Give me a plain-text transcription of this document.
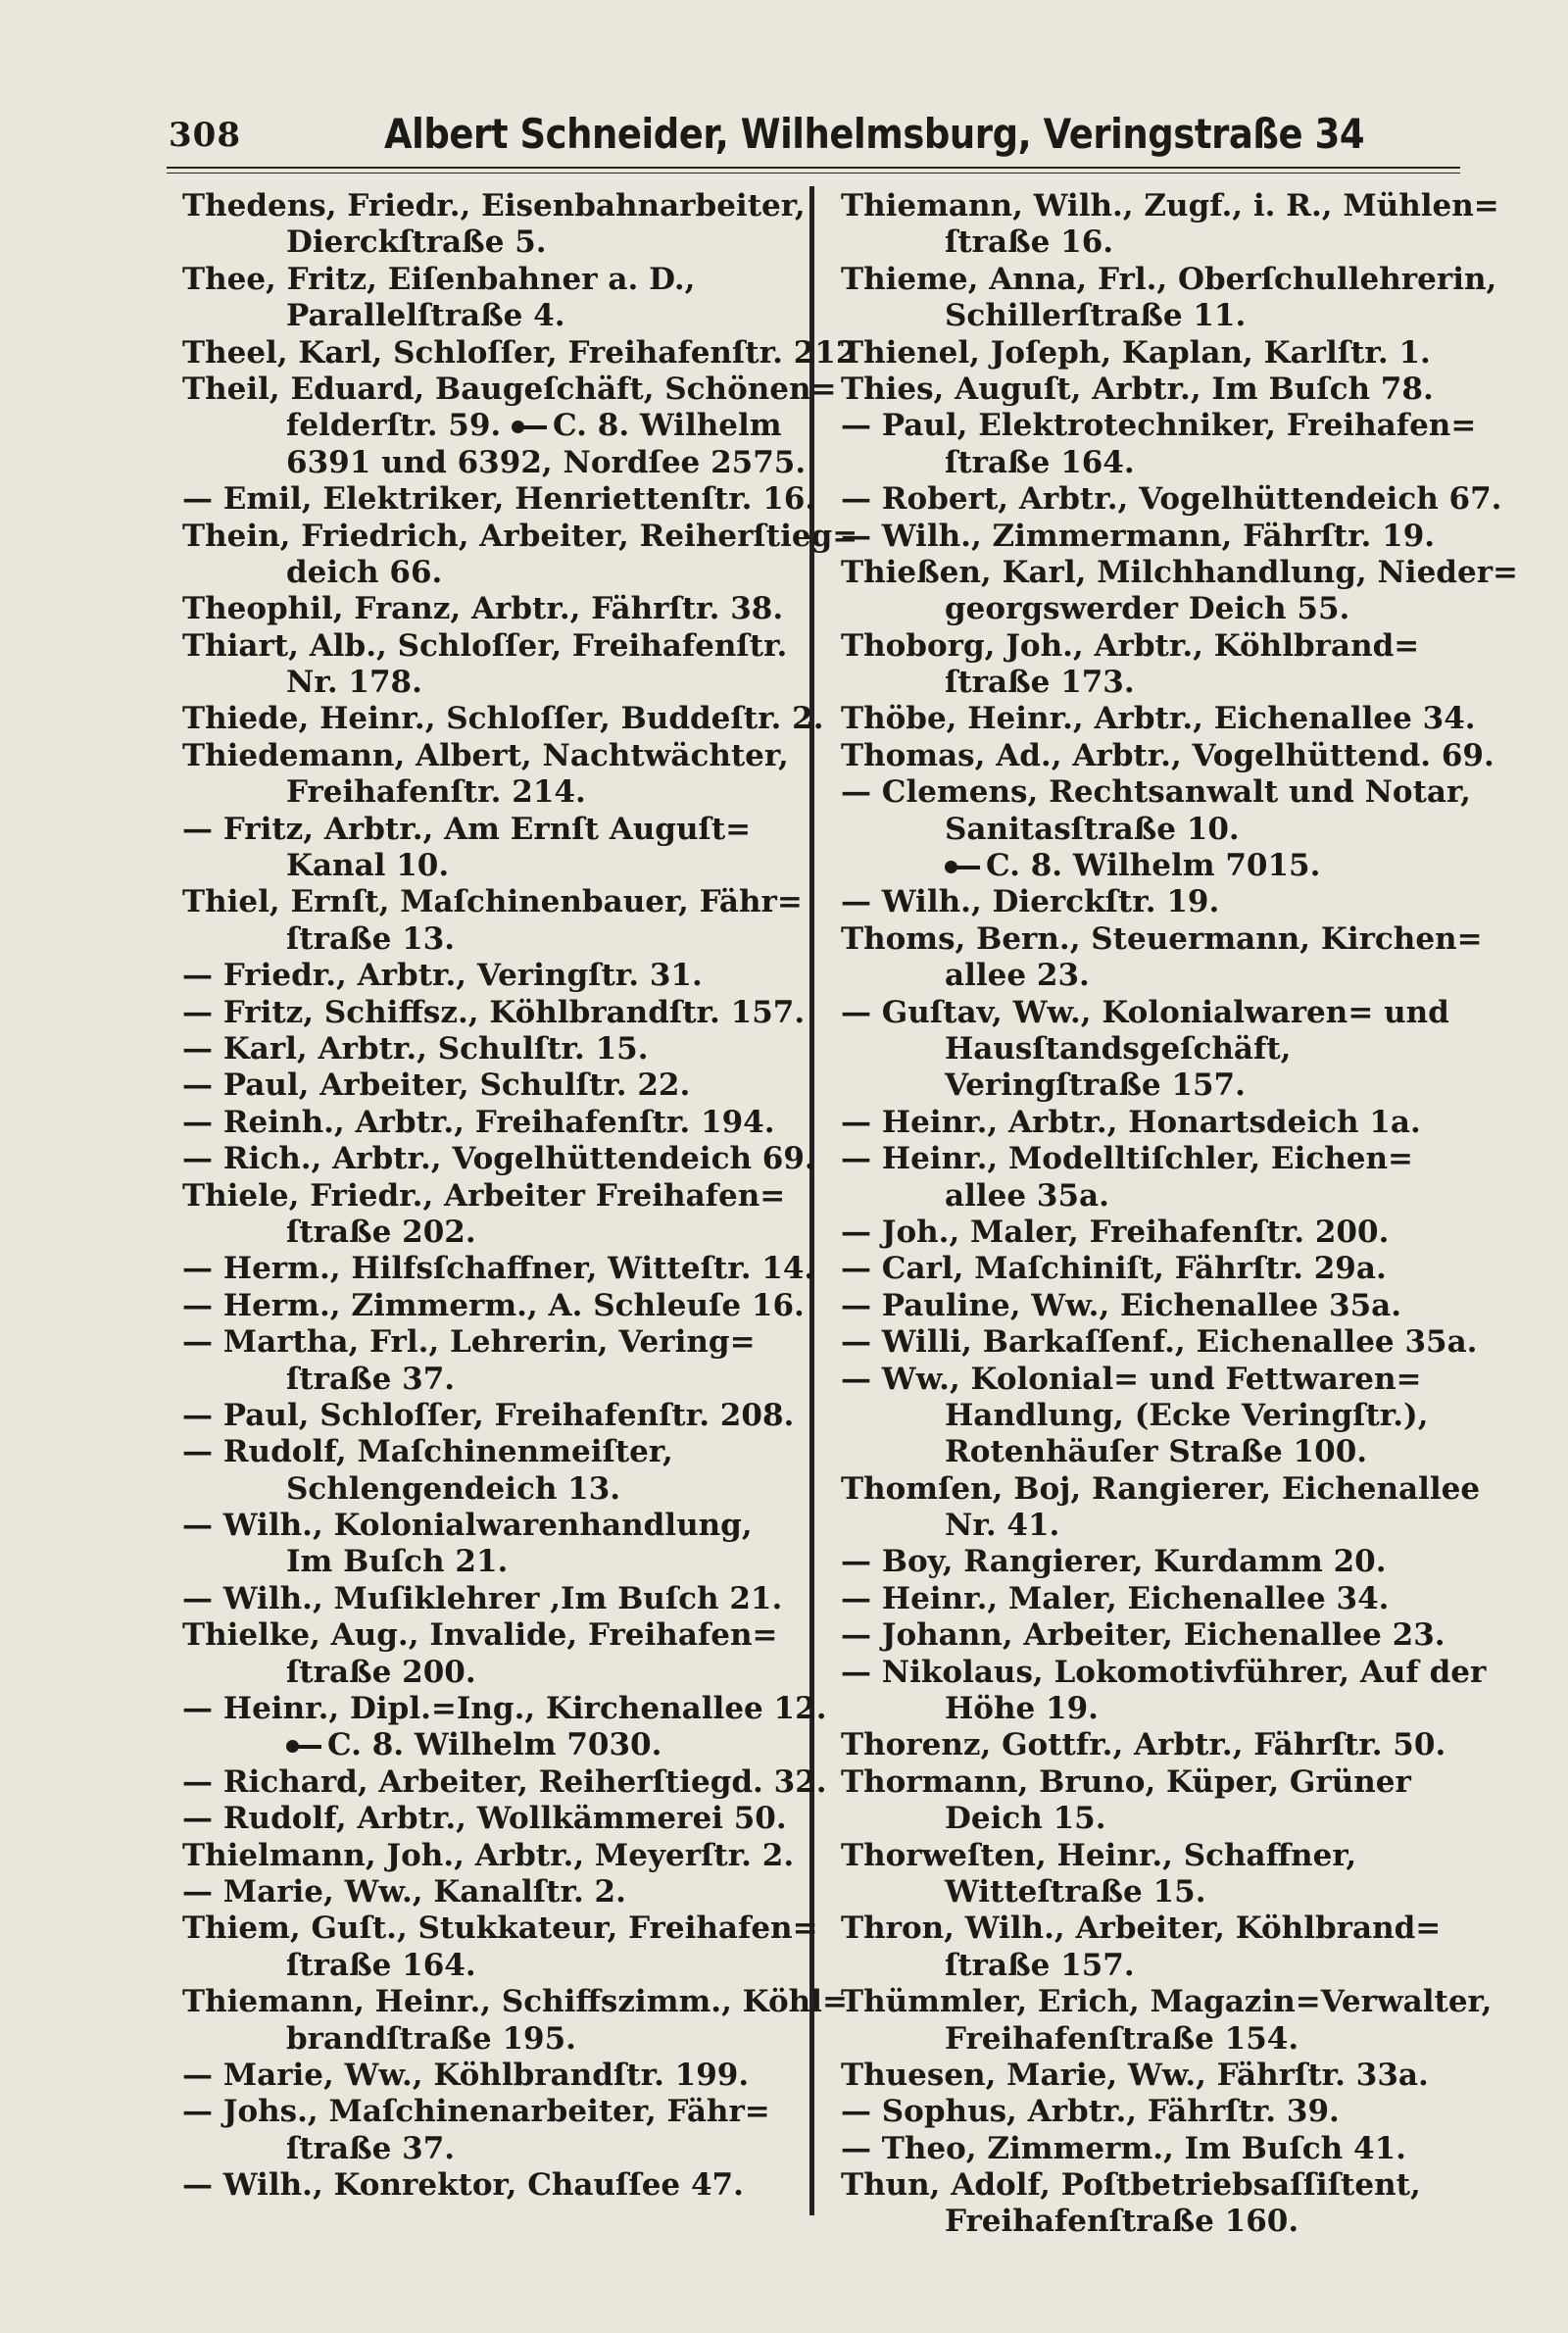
308	Albert Schneider, Wilhelmsburg, Veringstraße 34
Thedens, Friedr., Eisenbahnarbeiter,
Dierckſtraße 5.
Thee, Fritz, Eiſenbahner a. D.,
Parallelſtraße 4.
Theel, Karl, Schloſſer, Freihafenſtr. 212
Theil, Eduard, Baugeſchäft, Schönen=
felderſtr. 59. C. 8. Wilhelm
6391 und 6392, Nordſee 2575.
— Emil, Elektriker, Henriettenſtr. 16.
Thein, Friedrich, Arbeiter, Reiherſtieg=
deich 66.
Theophil, Franz, Arbtr., Fährſtr. 38.
Thiart, Alb., Schloſſer, Freihafenſtr.
Nr. 178.
Thiede, Heinr., Schloſſer, Buddeſtr. 2.
Thiedemann, Albert, Nachtwächter,
Freihafenſtr. 214.
— Fritz, Arbtr., Am Ernſt Auguſt=
Kanal 10.
Thiel, Ernſt, Maſchinenbauer, Fähr=
ſtraße 13.
— Friedr., Arbtr., Veringſtr. 31.
— Fritz, Schiffsz., Köhlbrandſtr. 157.
— Karl, Arbtr., Schulſtr. 15.
— Paul, Arbeiter, Schulſtr. 22.
— Reinh., Arbtr., Freihafenſtr. 194.
— Rich., Arbtr., Vogelhüttendeich 69.
Thiele, Friedr., Arbeiter Freihafen=
ſtraße 202.
— Herm., Hilfsſchaffner, Witteſtr. 14.
— Herm., Zimmerm., A. Schleuſe 16.
— Martha, Frl., Lehrerin, Vering=
ſtraße 37.
— Paul, Schloſſer, Freihafenſtr. 208.
— Rudolf, Maſchinenmeiſter,
Schlengendeich 13.
— Wilh., Kolonialwarenhandlung,
Im Buſch 21.
— Wilh., Muſiklehrer ,Im Buſch 21.
Thielke, Aug., Invalide, Freihafen=
ſtraße 200.
— Heinr., Dipl.=Ing., Kirchenallee 12.
C. 8. Wilhelm 7030.
— Richard, Arbeiter, Reiherſtiegd. 32.
— Rudolf, Arbtr., Wollkämmerei 50.
Thielmann, Joh., Arbtr., Meyerſtr. 2.
— Marie, Ww., Kanalſtr. 2.
Thiem, Guſt., Stukkateur, Freihafen=
ſtraße 164.
Thiemann, Heinr., Schiffszimm., Köhl=
brandſtraße 195.
— Marie, Ww., Köhlbrandſtr. 199.
— Johs., Maſchinenarbeiter, Fähr=
ſtraße 37.
— Wilh., Konrektor, Chauſſee 47.
Thiemann, Wilh., Zugf., i. R., Mühlen=
ſtraße 16.
Thieme, Anna, Frl., Oberſchullehrerin,
Schillerſtraße 11.
Thienel, Joſeph, Kaplan, Karlſtr. 1.
Thies, Auguſt, Arbtr., Im Buſch 78.
— Paul, Elektrotechniker, Freihafen=
ſtraße 164.
— Robert, Arbtr., Vogelhüttendeich 67.
— Wilh., Zimmermann, Fährſtr. 19.
Thießen, Karl, Milchhandlung, Nieder=
georgswerder Deich 55.
Thoborg, Joh., Arbtr., Köhlbrand=
ſtraße 173.
Thöbe, Heinr., Arbtr., Eichenallee 34.
Thomas, Ad., Arbtr., Vogelhüttend. 69.
— Clemens, Rechtsanwalt und Notar,
Sanitasſtraße 10.
C. 8. Wilhelm 7015.
— Wilh., Dierckſtr. 19.
Thoms, Bern., Steuermann, Kirchen=
allee 23.
— Guſtav, Ww., Kolonialwaren= und
Hausſtandsgeſchäft,
Veringſtraße 157.
— Heinr., Arbtr., Honartsdeich 1a.
— Heinr., Modelltiſchler, Eichen=
allee 35a.
— Joh., Maler, Freihafenſtr. 200.
— Carl, Maſchiniſt, Fährſtr. 29a.
— Pauline, Ww., Eichenallee 35a.
— Willi, Barkaſſenf., Eichenallee 35a.
— Ww., Kolonial= und Fettwaren=
Handlung, (Ecke Veringſtr.),
Rotenhäuſer Straße 100.
Thomſen, Boj, Rangierer, Eichenallee
Nr. 41.
— Boy, Rangierer, Kurdamm 20.
— Heinr., Maler, Eichenallee 34.
— Johann, Arbeiter, Eichenallee 23.
— Nikolaus, Lokomotivführer, Auf der
Höhe 19.
Thorenz, Gottfr., Arbtr., Fährſtr. 50.
Thormann, Bruno, Küper, Grüner
Deich 15.
Thorweſten, Heinr., Schaffner,
Witteſtraße 15.
Thron, Wilh., Arbeiter, Köhlbrand=
ſtraße 157.
Thümmler, Erich, Magazin=Verwalter,
Freihafenſtraße 154.
Thuesen, Marie, Ww., Fährſtr. 33a.
— Sophus, Arbtr., Fährſtr. 39.
— Theo, Zimmerm., Im Buſch 41.
Thun, Adolf, Poſtbetriebsaſſiſtent,
Freihafenſtraße 160.
